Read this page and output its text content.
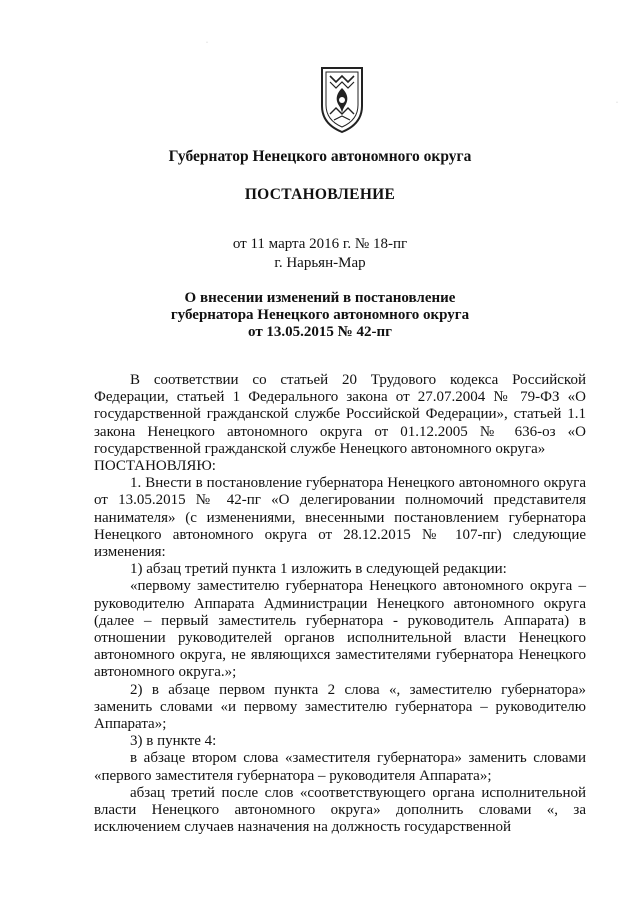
Губернатор Ненецкого автономного округа
ПОСТАНОВЛЕНИЕ
от 11 марта 2016 г. № 18-пг
г. Нарьян-Мар
О внесении изменений в постановление
губернатора Ненецкого автономного округа
от 13.05.2015 № 42-пг

В соответствии со статьей 20 Трудового кодекса Российской Федерации, статьей 1 Федерального закона от 27.07.2004 № 79-ФЗ «О государственной гражданской службе Российской Федерации», статьей 1.1 закона Ненецкого автономного округа от 01.12.2005 № 636-оз «О государственной гражданской службе Ненецкого автономного округа»

ПОСТАНОВЛЯЮ:

1. Внести в постановление губернатора Ненецкого автономного округа от 13.05.2015 № 42-пг «О делегировании полномочий представителя нанимателя» (с изменениями, внесенными постановлением губернатора Ненецкого автономного округа от 28.12.2015 № 107-пг) следующие изменения:

1) абзац третий пункта 1 изложить в следующей редакции:

«первому заместителю губернатора Ненецкого автономного округа – руководителю Аппарата Администрации Ненецкого автономного округа (далее – первый заместитель губернатора - руководитель Аппарата) в отношении руководителей органов исполнительной власти Ненецкого автономного округа, не являющихся заместителями губернатора Ненецкого автономного округа.»;

2) в абзаце первом пункта 2 слова «, заместителю губернатора» заменить словами «и первому заместителю губернатора – руководителю Аппарата»;

3) в пункте 4:

в абзаце втором слова «заместителя губернатора» заменить словами «первого заместителя губернатора – руководителя Аппарата»;

абзац третий после слов «соответствующего органа исполнительной власти Ненецкого автономного округа» дополнить словами «, за исключением случаев назначения на должность государственной

·
·
